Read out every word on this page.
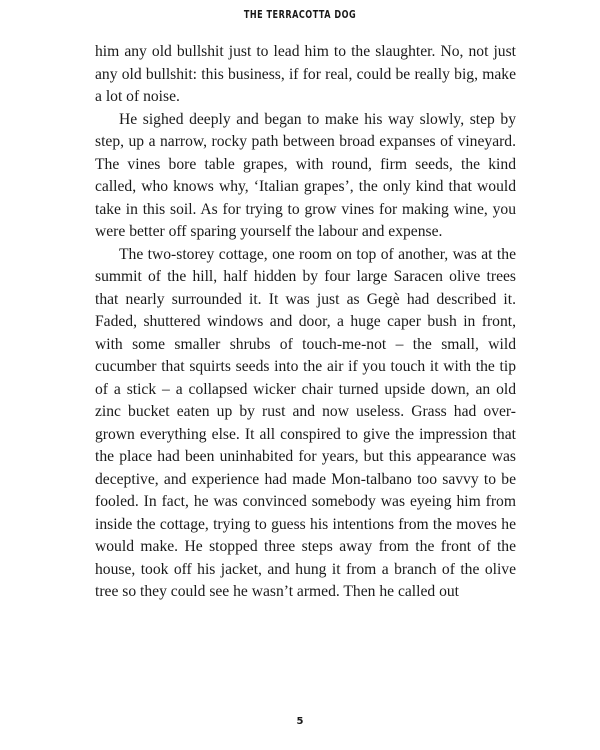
THE TERRACOTTA DOG

him any old bullshit just to lead him to the slaughter. No, not just any old bullshit: this business, if for real, could be really big, make a lot of noise.

He sighed deeply and began to make his way slowly, step by step, up a narrow, rocky path between broad expanses of vineyard. The vines bore table grapes, with round, firm seeds, the kind called, who knows why, ‘Italian grapes’, the only kind that would take in this soil. As for trying to grow vines for making wine, you were better off sparing yourself the labour and expense.

The two-storey cottage, one room on top of another, was at the summit of the hill, half hidden by four large Saracen olive trees that nearly surrounded it. It was just as Gegè had described it. Faded, shuttered windows and door, a huge caper bush in front, with some smaller shrubs of touch-me-not – the small, wild cucumber that squirts seeds into the air if you touch it with the tip of a stick – a collapsed wicker chair turned upside down, an old zinc bucket eaten up by rust and now useless. Grass had over-grown everything else. It all conspired to give the impression that the place had been uninhabited for years, but this appearance was deceptive, and experience had made Mon-talbano too savvy to be fooled. In fact, he was convinced somebody was eyeing him from inside the cottage, trying to guess his intentions from the moves he would make. He stopped three steps away from the front of the house, took off his jacket, and hung it from a branch of the olive tree so they could see he wasn’t armed. Then he called out

5
